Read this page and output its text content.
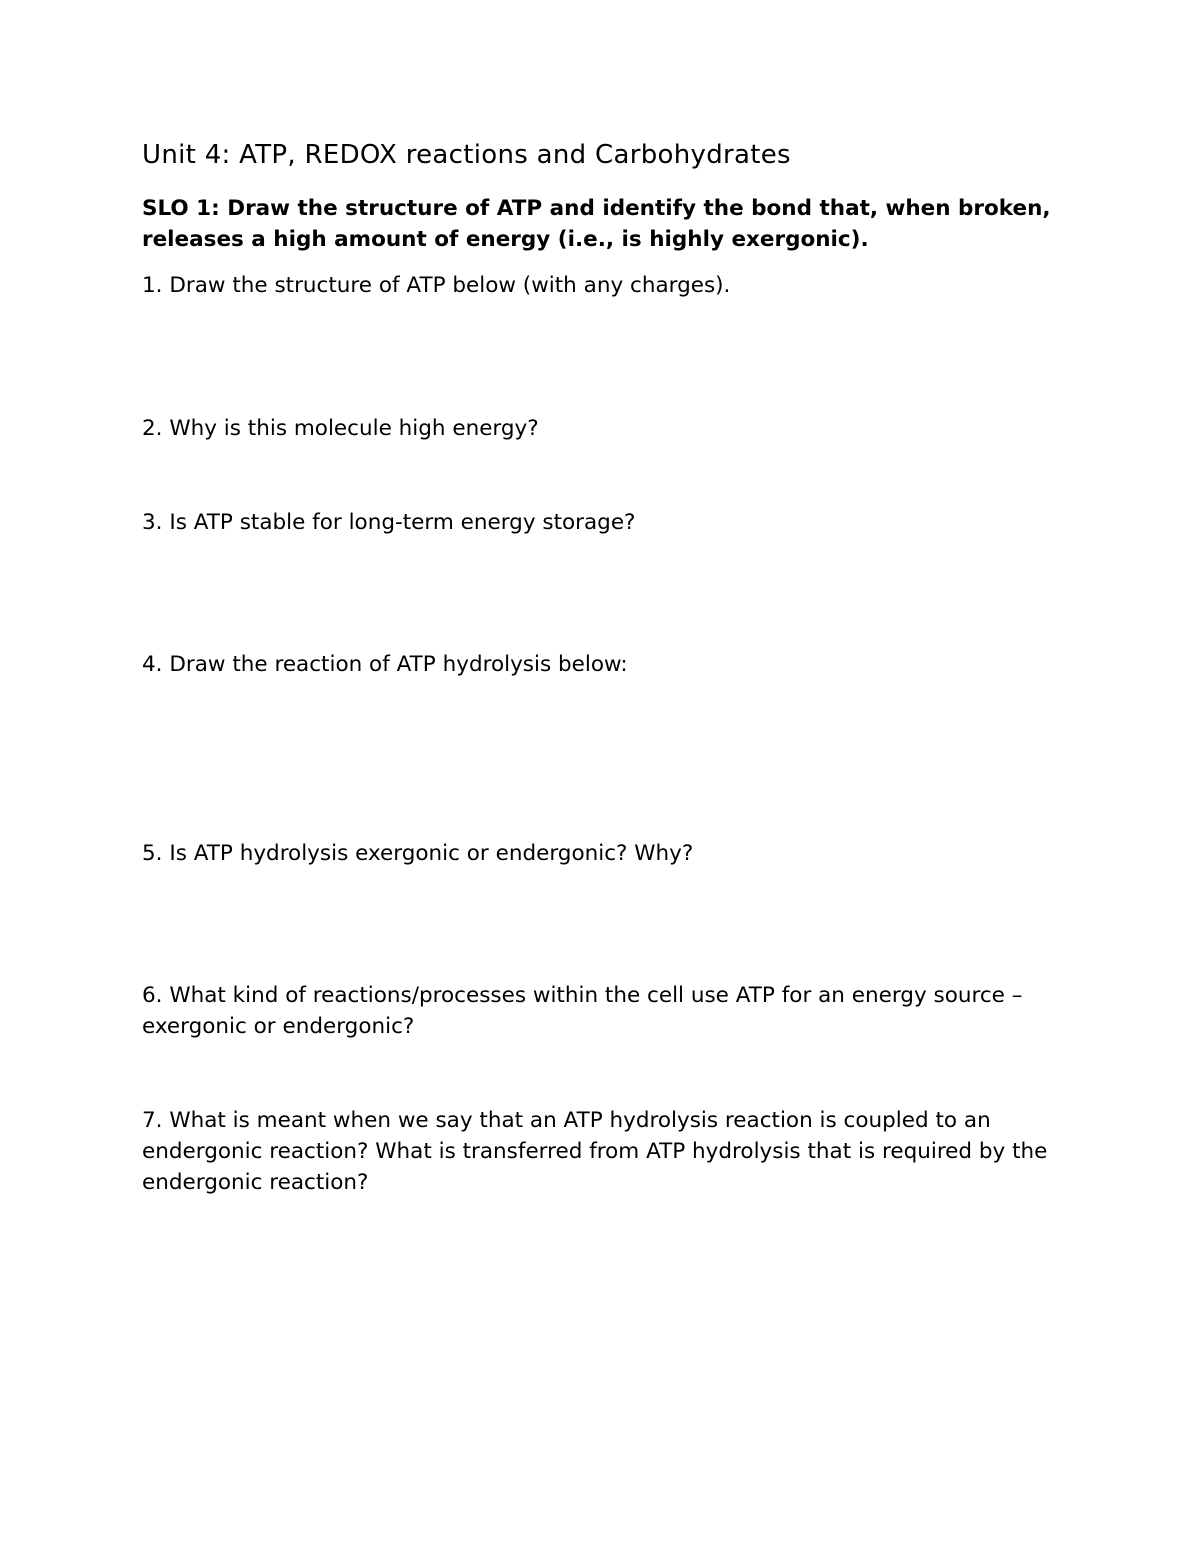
Unit 4: ATP, REDOX reactions and Carbohydrates
SLO 1: Draw the structure of ATP and identify the bond that, when broken, releases a high amount of energy (i.e., is highly exergonic).
1. Draw the structure of ATP below (with any charges).
2. Why is this molecule high energy?
3. Is ATP stable for long-term energy storage?
4. Draw the reaction of ATP hydrolysis below:
5. Is ATP hydrolysis exergonic or endergonic? Why?
6. What kind of reactions/processes within the cell use ATP for an energy source – exergonic or endergonic?
7. What is meant when we say that an ATP hydrolysis reaction is coupled to an endergonic reaction? What is transferred from ATP hydrolysis that is required by the endergonic reaction?
